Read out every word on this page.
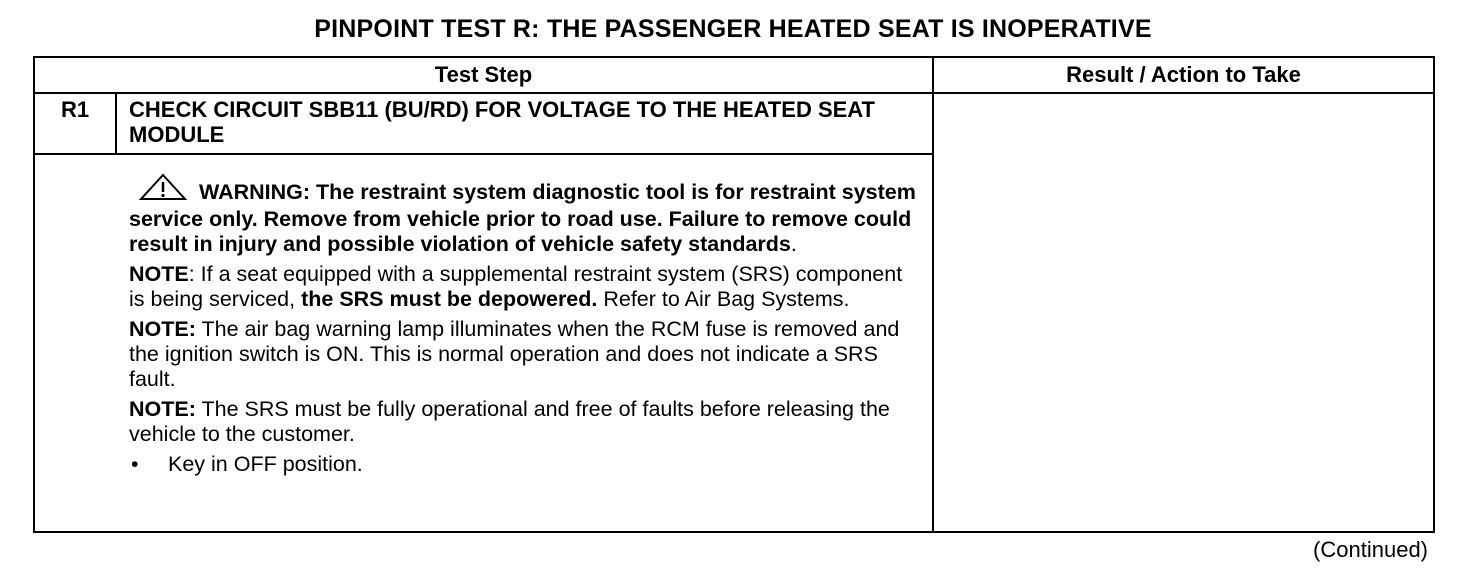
PINPOINT TEST R: THE PASSENGER HEATED SEAT IS INOPERATIVE
Test Step	Result / Action to Take
R1	CHECK CIRCUIT SBB11 (BU/RD) FOR VOLTAGE TO THE HEATED SEAT MODULE

WARNING: The restraint system diagnostic tool is for restraint system service only. Remove from vehicle prior to road use. Failure to remove could result in injury and possible violation of vehicle safety standards.

NOTE: If a seat equipped with a supplemental restraint system (SRS) component is being serviced, the SRS must be depowered. Refer to Air Bag Systems.

NOTE: The air bag warning lamp illuminates when the RCM fuse is removed and the ignition switch is ON. This is normal operation and does not indicate a SRS fault.

NOTE: The SRS must be fully operational and free of faults before releasing the vehicle to the customer.

•	Key in OFF position.
(Continued)
